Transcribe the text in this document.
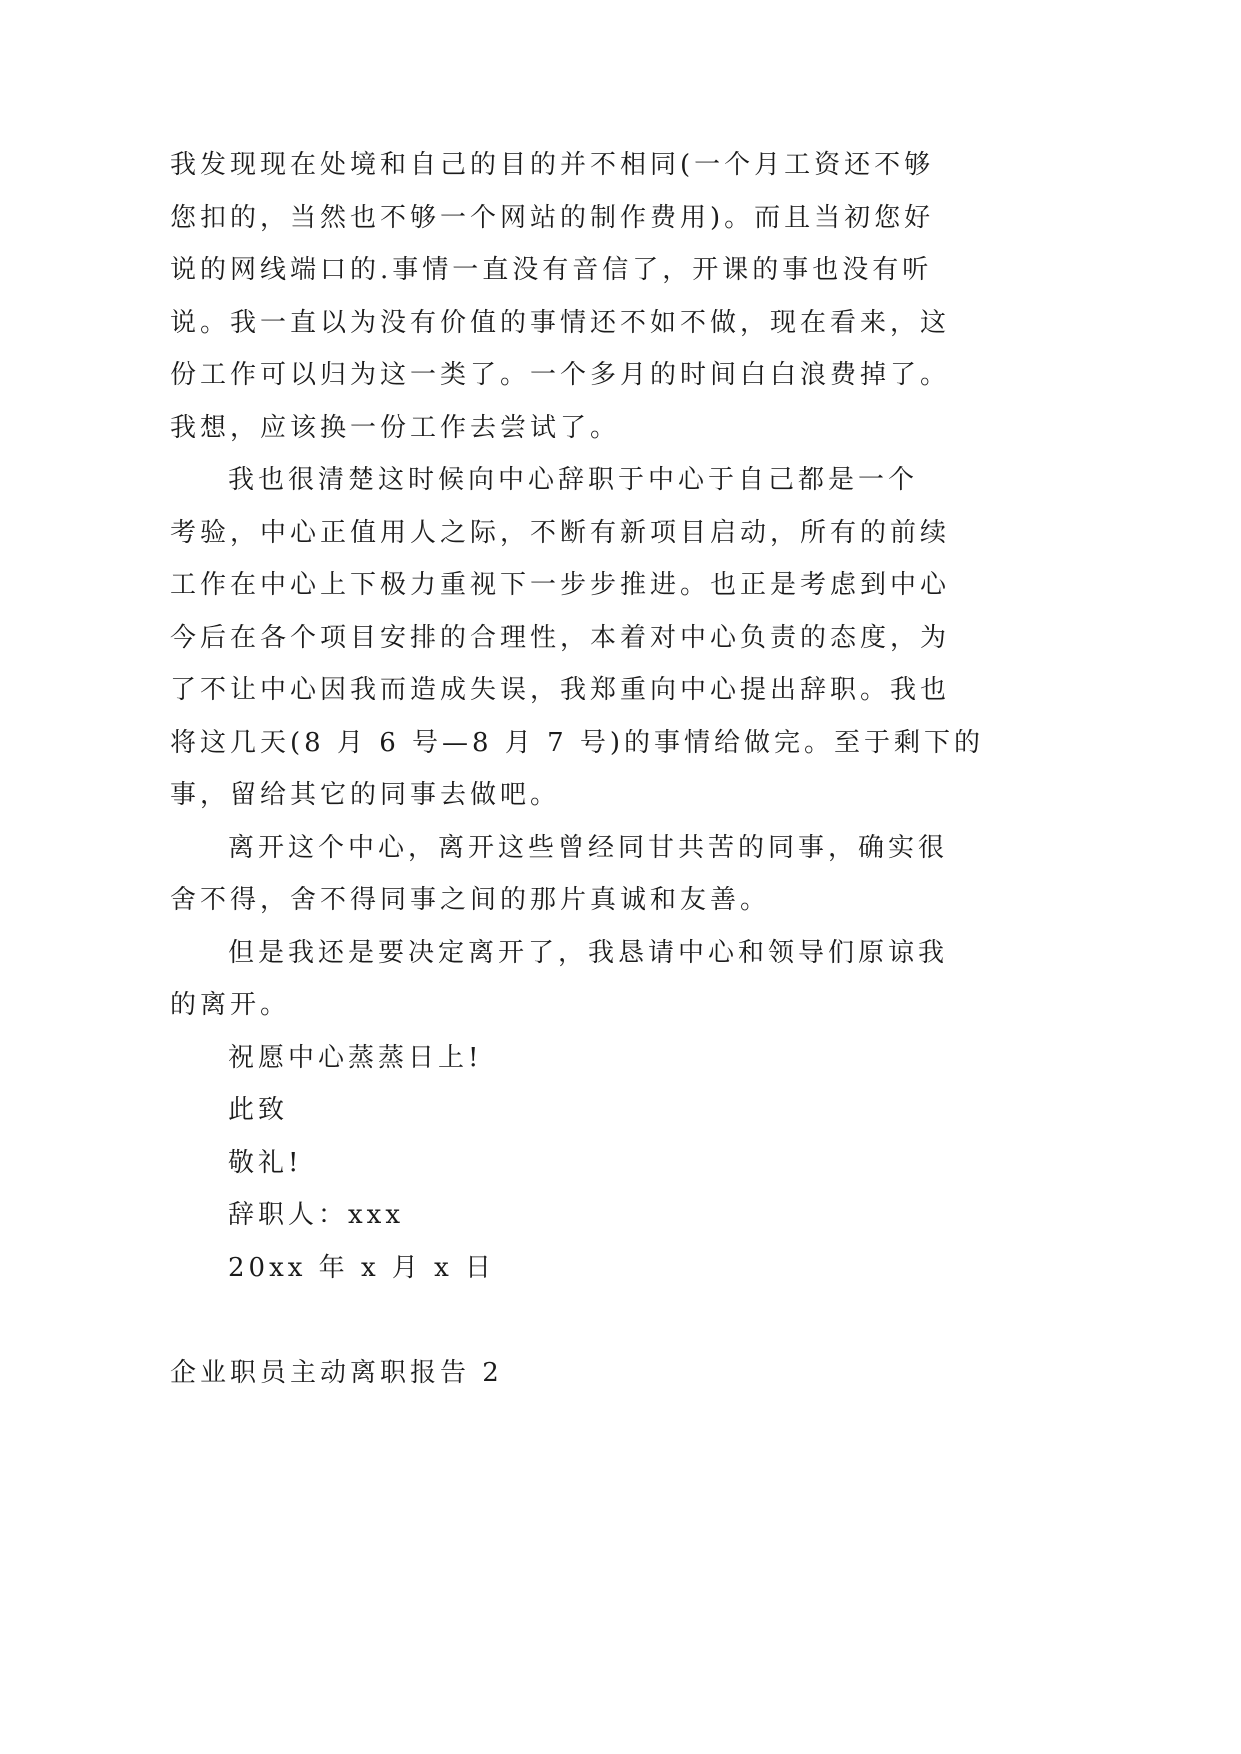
我发现现在处境和自己的目的并不相同(一个月工资还不够
您扣的，当然也不够一个网站的制作费用)。而且当初您好
说的网线端口的.事情一直没有音信了，开课的事也没有听
说。我一直以为没有价值的事情还不如不做，现在看来，这
份工作可以归为这一类了。一个多月的时间白白浪费掉了。
我想，应该换一份工作去尝试了。
我也很清楚这时候向中心辞职于中心于自己都是一个
考验，中心正值用人之际，不断有新项目启动，所有的前续
工作在中心上下极力重视下一步步推进。也正是考虑到中心
今后在各个项目安排的合理性，本着对中心负责的态度，为
了不让中心因我而造成失误，我郑重向中心提出辞职。我也
将这几天(8 月 6 号—8 月 7 号)的事情给做完。至于剩下的
事，留给其它的同事去做吧。
离开这个中心，离开这些曾经同甘共苦的同事，确实很
舍不得，舍不得同事之间的那片真诚和友善。
但是我还是要决定离开了，我恳请中心和领导们原谅我
的离开。
祝愿中心蒸蒸日上!
此致
敬礼!
辞职人：xxx
20xx 年 x 月 x 日
企业职员主动离职报告 2
